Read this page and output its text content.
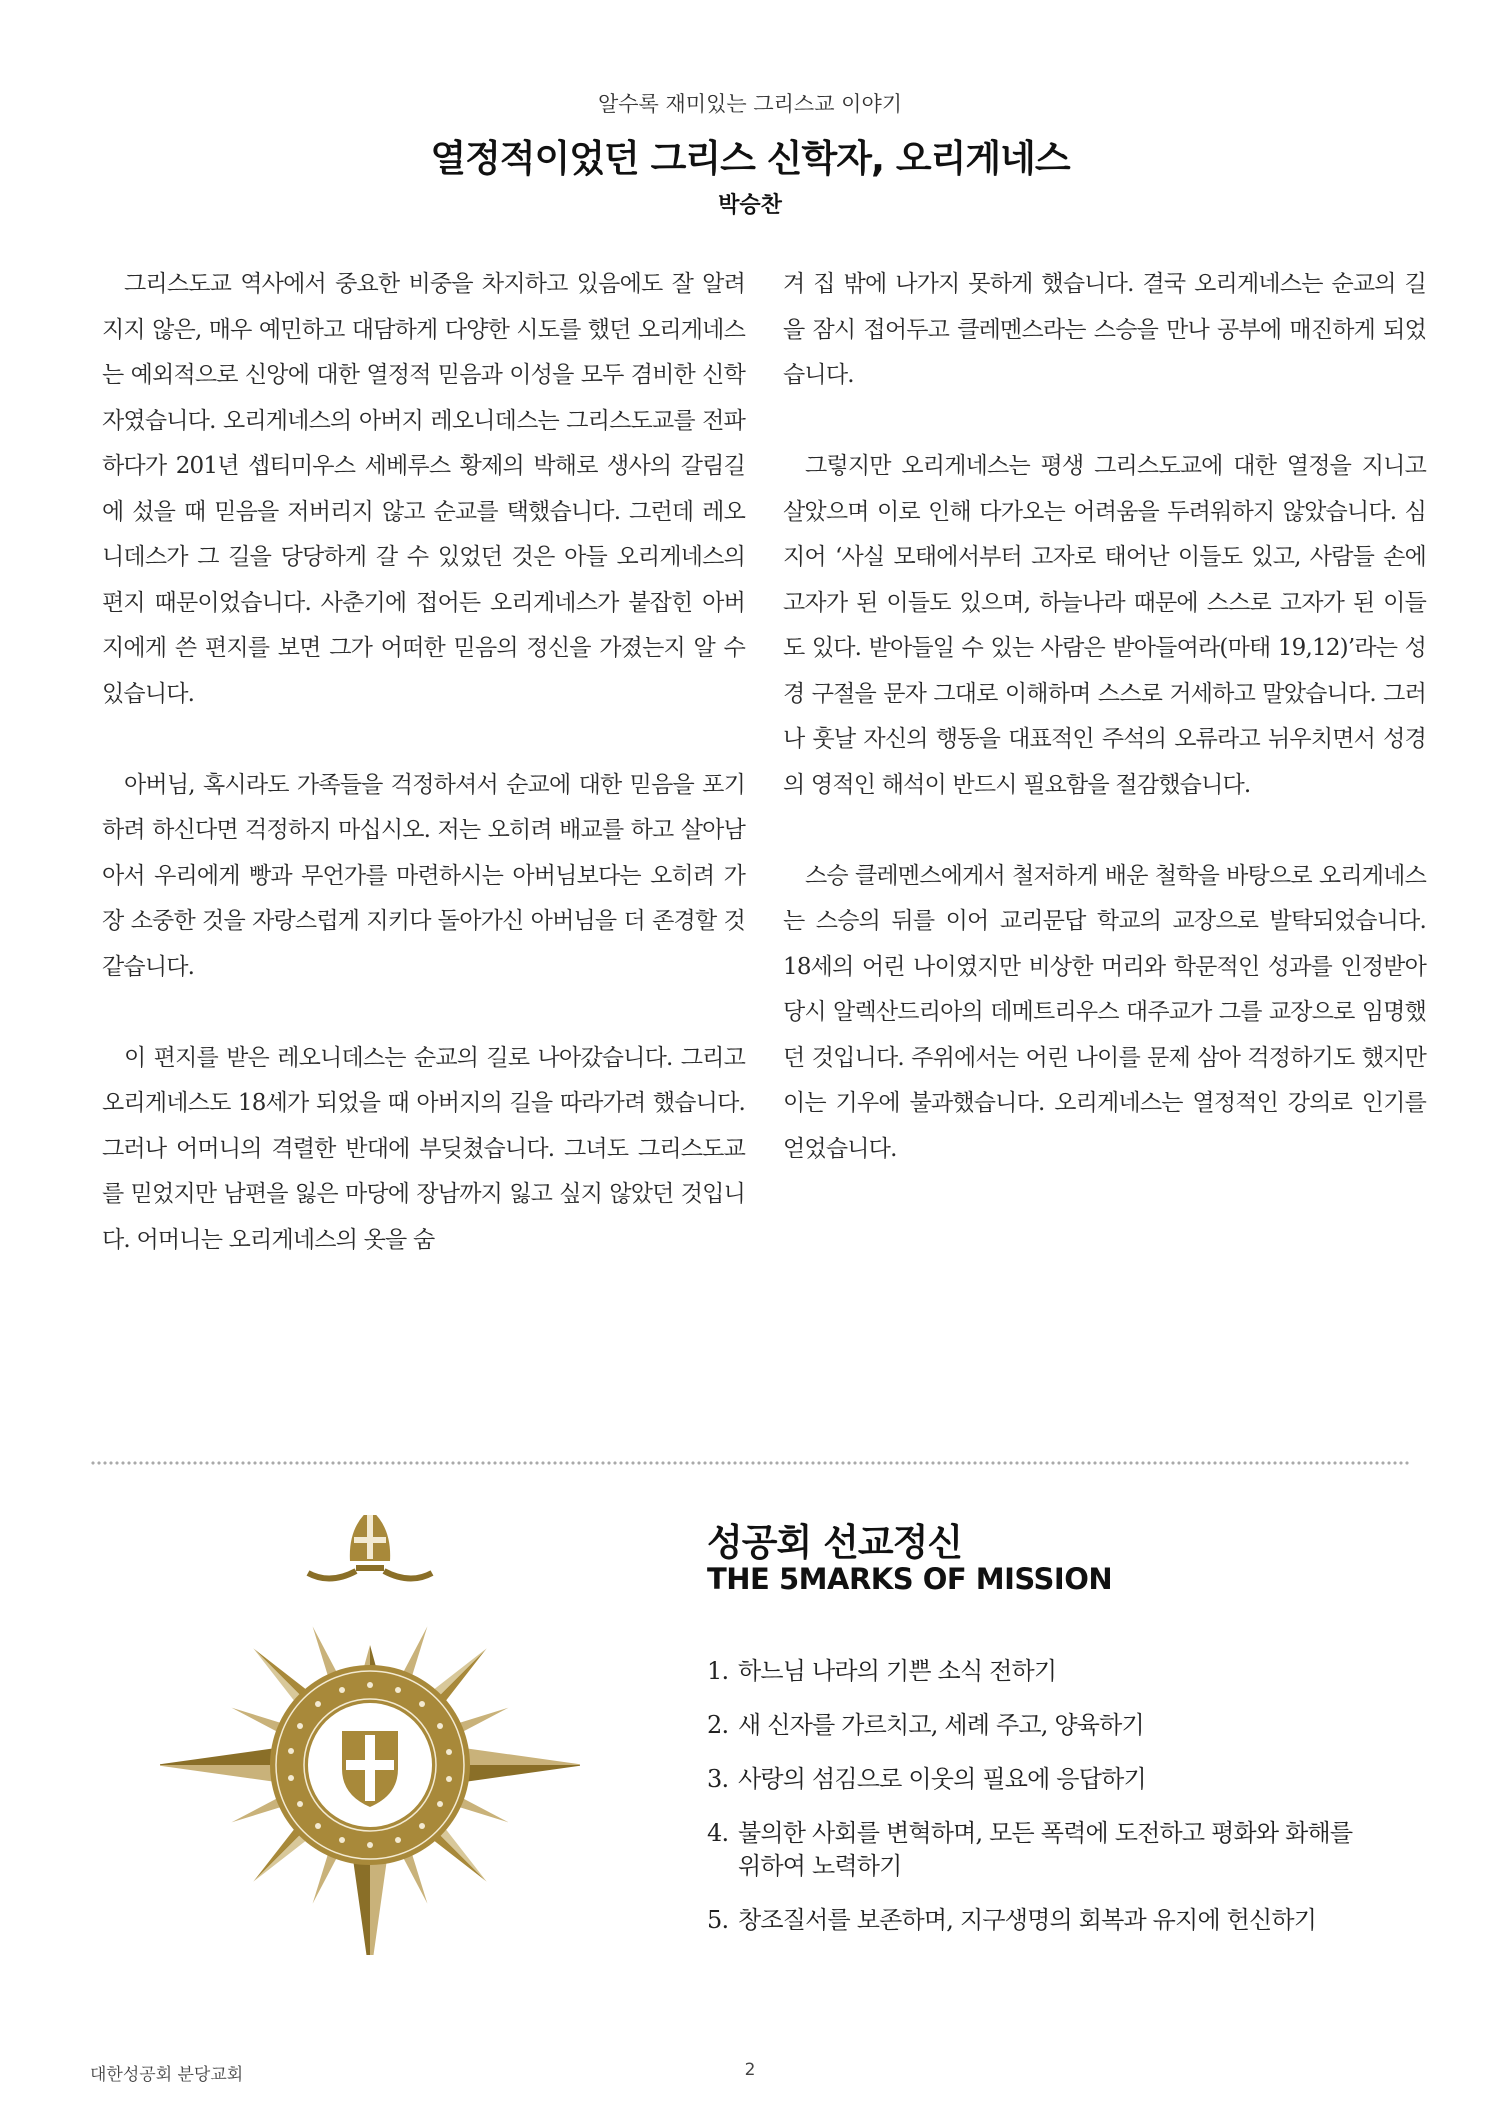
알수록 재미있는 그리스교 이야기
열정적이었던 그리스 신학자, 오리게네스
박승찬

그리스도교 역사에서 중요한 비중을 차지하고 있음에도 잘 알려지지 않은, 매우 예민하고 대담하게 다양한 시도를 했던 오리게네스는 예외적으로 신앙에 대한 열정적 믿음과 이성을 모두 겸비한 신학자였습니다. 오리게네스의 아버지 레오니데스는 그리스도교를 전파하다가 201년 셉티미우스 세베루스 황제의 박해로 생사의 갈림길에 섰을 때 믿음을 저버리지 않고 순교를 택했습니다. 그런데 레오니데스가 그 길을 당당하게 갈 수 있었던 것은 아들 오리게네스의 편지 때문이었습니다. 사춘기에 접어든 오리게네스가 붙잡힌 아버지에게 쓴 편지를 보면 그가 어떠한 믿음의 정신을 가졌는지 알 수 있습니다.

아버님, 혹시라도 가족들을 걱정하셔서 순교에 대한 믿음을 포기하려 하신다면 걱정하지 마십시오. 저는 오히려 배교를 하고 살아남아서 우리에게 빵과 무언가를 마련하시는 아버님보다는 오히려 가장 소중한 것을 자랑스럽게 지키다 돌아가신 아버님을 더 존경할 것 같습니다.

이 편지를 받은 레오니데스는 순교의 길로 나아갔습니다. 그리고 오리게네스도 18세가 되었을 때 아버지의 길을 따라가려 했습니다. 그러나 어머니의 격렬한 반대에 부딪쳤습니다. 그녀도 그리스도교를 믿었지만 남편을 잃은 마당에 장남까지 잃고 싶지 않았던 것입니다. 어머니는 오리게네스의 옷을 숨

겨 집 밖에 나가지 못하게 했습니다. 결국 오리게네스는 순교의 길을 잠시 접어두고 클레멘스라는 스승을 만나 공부에 매진하게 되었습니다.

그렇지만 오리게네스는 평생 그리스도교에 대한 열정을 지니고 살았으며 이로 인해 다가오는 어려움을 두려워하지 않았습니다. 심지어 ‘사실 모태에서부터 고자로 태어난 이들도 있고, 사람들 손에 고자가 된 이들도 있으며, 하늘나라 때문에 스스로 고자가 된 이들도 있다. 받아들일 수 있는 사람은 받아들여라(마태 19,12)’라는 성경 구절을 문자 그대로 이해하며 스스로 거세하고 말았습니다. 그러나 훗날 자신의 행동을 대표적인 주석의 오류라고 뉘우치면서 성경의 영적인 해석이 반드시 필요함을 절감했습니다.

스승 클레멘스에게서 철저하게 배운 철학을 바탕으로 오리게네스는 스승의 뒤를 이어 교리문답 학교의 교장으로 발탁되었습니다. 18세의 어린 나이였지만 비상한 머리와 학문적인 성과를 인정받아 당시 알렉산드리아의 데메트리우스 대주교가 그를 교장으로 임명했던 것입니다. 주위에서는 어린 나이를 문제 삼아 걱정하기도 했지만 이는 기우에 불과했습니다. 오리게네스는 열정적인 강의로 인기를 얻었습니다.

성공회 선교정신
THE 5MARKS OF MISSION
1. 하느님 나라의 기쁜 소식 전하기
2. 새 신자를 가르치고, 세례 주고, 양육하기
3. 사랑의 섬김으로 이웃의 필요에 응답하기
4. 불의한 사회를 변혁하며, 모든 폭력에 도전하고 평화와 화해를 위하여 노력하기
5. 창조질서를 보존하며, 지구생명의 회복과 유지에 헌신하기
대한성공회 분당교회	2
